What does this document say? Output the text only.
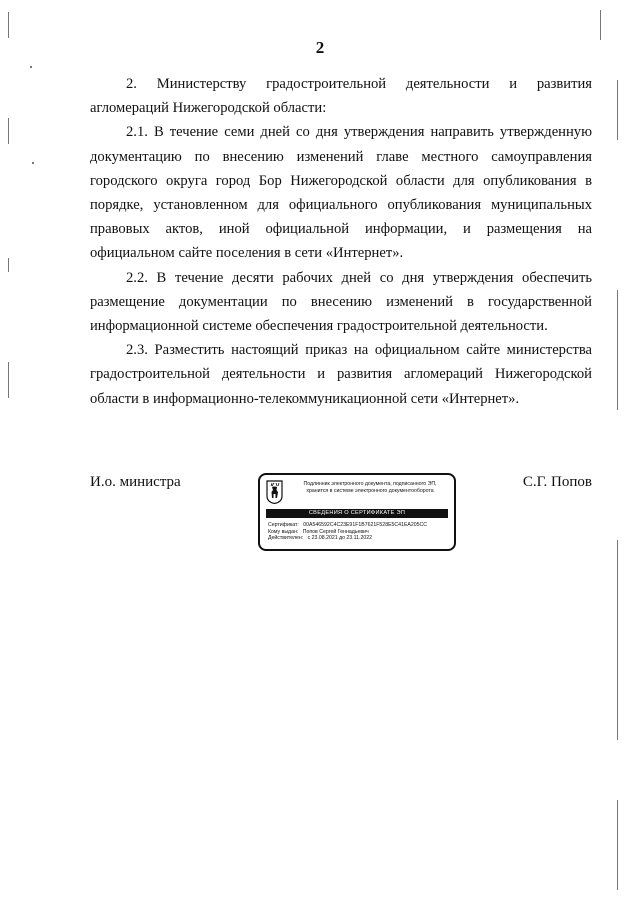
2

2. Министерству градостроительной деятельности и развития агломераций Нижегородской области:

2.1. В течение семи дней со дня утверждения направить утвержденную документацию по внесению изменений главе местного самоуправления городского округа город Бор Нижегородской области для опубликования в порядке, установленном для официального опубликования муниципальных правовых актов, иной официальной информации, и размещения на официальном сайте поселения в сети «Интернет».

2.2. В течение десяти рабочих дней со дня утверждения обеспечить размещение документации по внесению изменений в государственной информационной системе обеспечения градостроительной деятельности.

2.3. Разместить настоящий приказ на официальном сайте министерства градостроительной деятельности и развития агломераций Нижегородской области в информационно-телекоммуникационной сети «Интернет».

И.о. министра	Подлинник электронного документа, подписанного ЭП,
хранится в системе электронного документооборота
СВЕДЕНИЯ О СЕРТИФИКАТЕ ЭП
Сертификат: 00A546592C4C23E91F1B7621F528E5C41EA205CC
Кому выдан: Попов Сергей Геннадьевич
Действителен: с 23.08.2021 до 23.11.2022
С.Г. Попов
